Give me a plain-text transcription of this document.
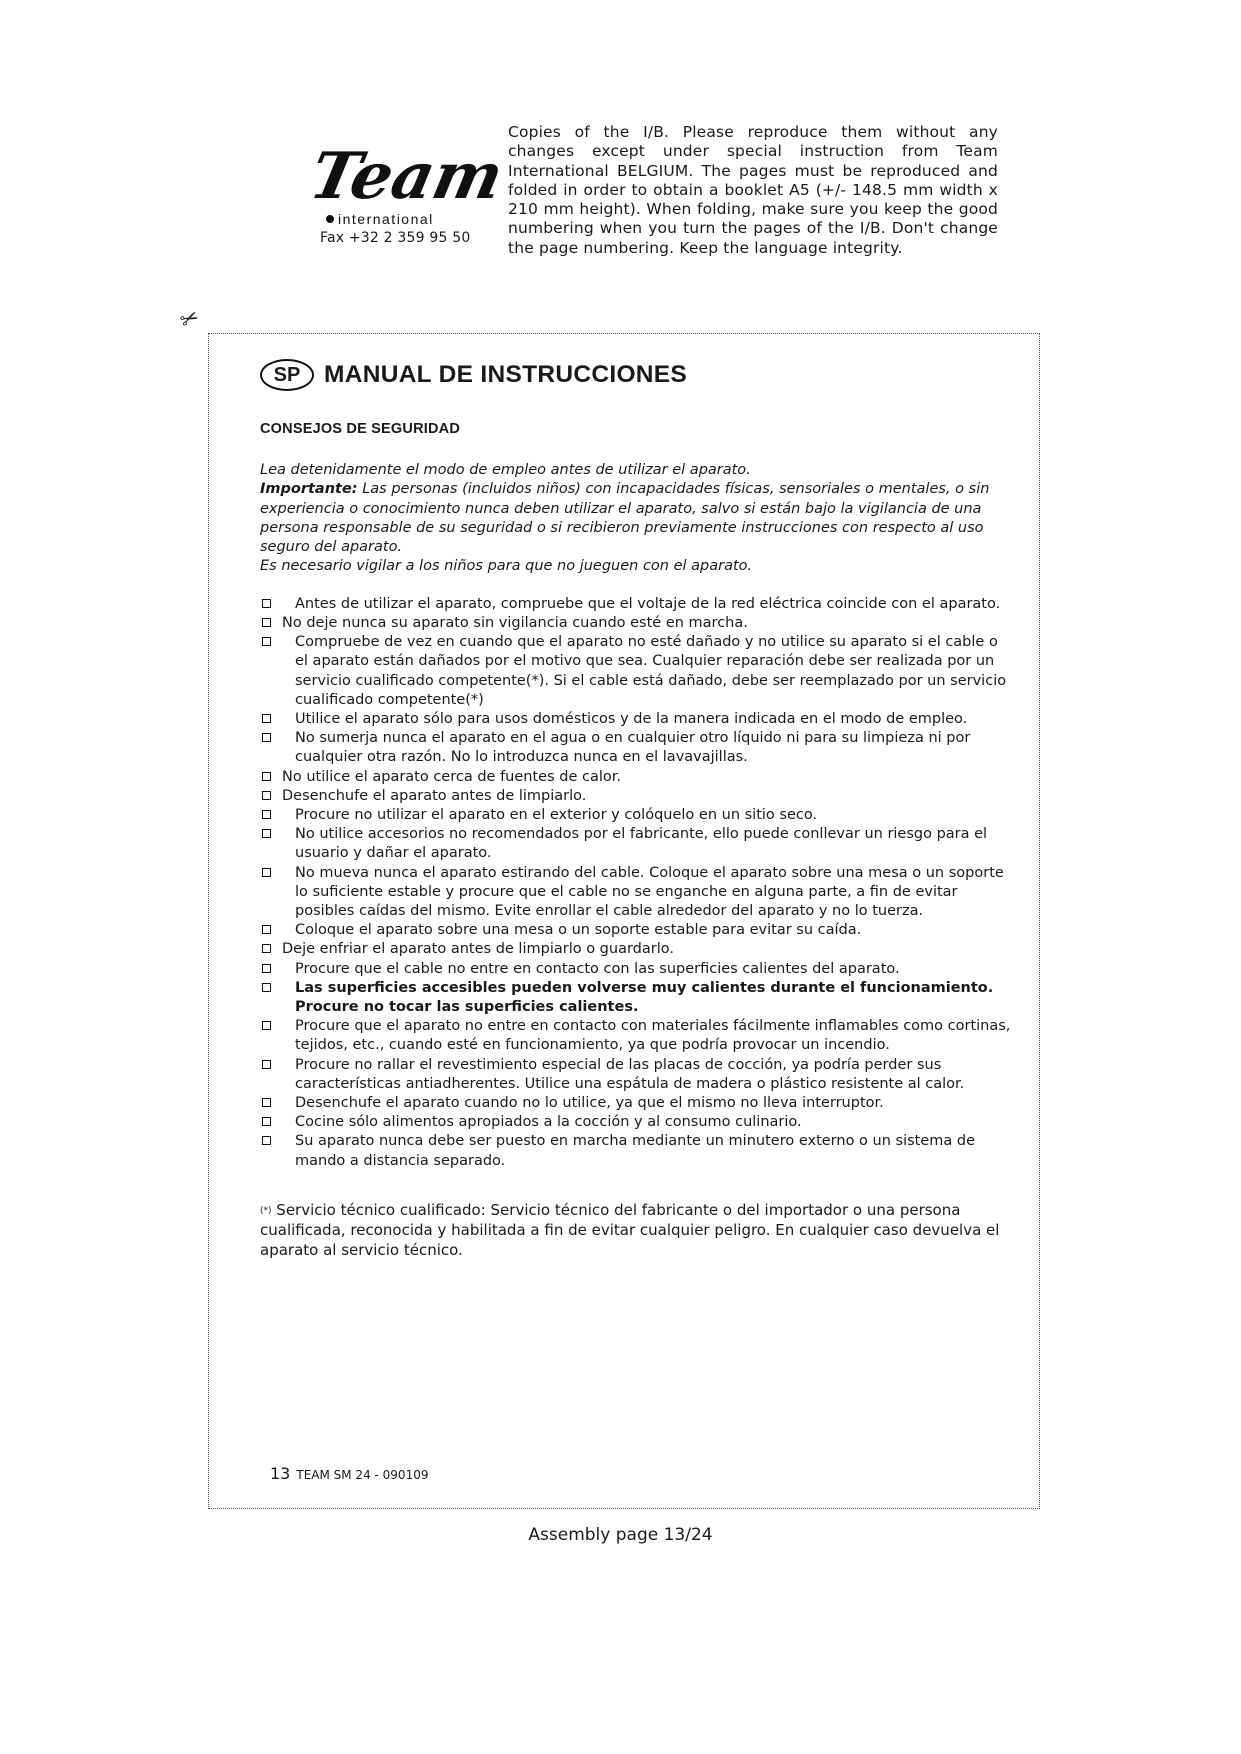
Team
international
Fax +32 2 359 95 50
Copies of the I/B. Please reproduce them without any changes except under special instruction from Team International BELGIUM. The pages must be reproduced and folded in order to obtain a booklet A5 (+/- 148.5 mm width x 210 mm height). When folding, make sure you keep the good numbering when you turn the pages of the I/B. Don't change the page numbering. Keep the language integrity.
✂
SP MANUAL DE INSTRUCCIONES
CONSEJOS DE SEGURIDAD

Lea detenidamente el modo de empleo antes de utilizar el aparato.

Importante: Las personas (incluidos niños) con incapacidades físicas, sensoriales o mentales, o sin experiencia o conocimiento nunca deben utilizar el aparato, salvo si están bajo la vigilancia de una persona responsable de su seguridad o si recibieron previamente instrucciones con respecto al uso seguro del aparato.

Es necesario vigilar a los niños para que no jueguen con el aparato.

Antes de utilizar el aparato, compruebe que el voltaje de la red eléctrica coincide con el aparato.
No deje nunca su aparato sin vigilancia cuando esté en marcha.
Compruebe de vez en cuando que el aparato no esté dañado y no utilice su aparato si el cable o el aparato están dañados por el motivo que sea. Cualquier reparación debe ser realizada por un servicio cualificado competente(*). Si el cable está dañado, debe ser reemplazado por un servicio cualificado competente(*)
Utilice el aparato sólo para usos domésticos y de la manera indicada en el modo de empleo.
No sumerja nunca el aparato en el agua o en cualquier otro líquido ni para su limpieza ni por cualquier otra razón. No lo introduzca nunca en el lavavajillas.
No utilice el aparato cerca de fuentes de calor.
Desenchufe el aparato antes de limpiarlo.
Procure no utilizar el aparato en el exterior y colóquelo en un sitio seco.
No utilice accesorios no recomendados por el fabricante, ello puede conllevar un riesgo para el usuario y dañar el aparato.
No mueva nunca el aparato estirando del cable. Coloque el aparato sobre una mesa o un soporte lo suficiente estable y procure que el cable no se enganche en alguna parte, a fin de evitar posibles caídas del mismo. Evite enrollar el cable alrededor del aparato y no lo tuerza.
Coloque el aparato sobre una mesa o un soporte estable para evitar su caída.
Deje enfriar el aparato antes de limpiarlo o guardarlo.
Procure que el cable no entre en contacto con las superficies calientes del aparato.
Las superficies accesibles pueden volverse muy calientes durante el funcionamiento. Procure no tocar las superficies calientes.
Procure que el aparato no entre en contacto con materiales fácilmente inflamables como cortinas, tejidos, etc., cuando esté en funcionamiento, ya que podría provocar un incendio.
Procure no rallar el revestimiento especial de las placas de cocción, ya podría perder sus características antiadherentes. Utilice una espátula de madera o plástico resistente al calor.
Desenchufe el aparato cuando no lo utilice, ya que el mismo no lleva interruptor.
Cocine sólo alimentos apropiados a la cocción y al consumo culinario.
Su aparato nunca debe ser puesto en marcha mediante un minutero externo o un sistema de mando a distancia separado.
(*) Servicio técnico cualificado: Servicio técnico del fabricante o del importador o una persona cualificada, reconocida y habilitada a fin de evitar cualquier peligro. En cualquier caso devuelva el aparato al servicio técnico.
13 TEAM SM 24 - 090109
Assembly page 13/24
